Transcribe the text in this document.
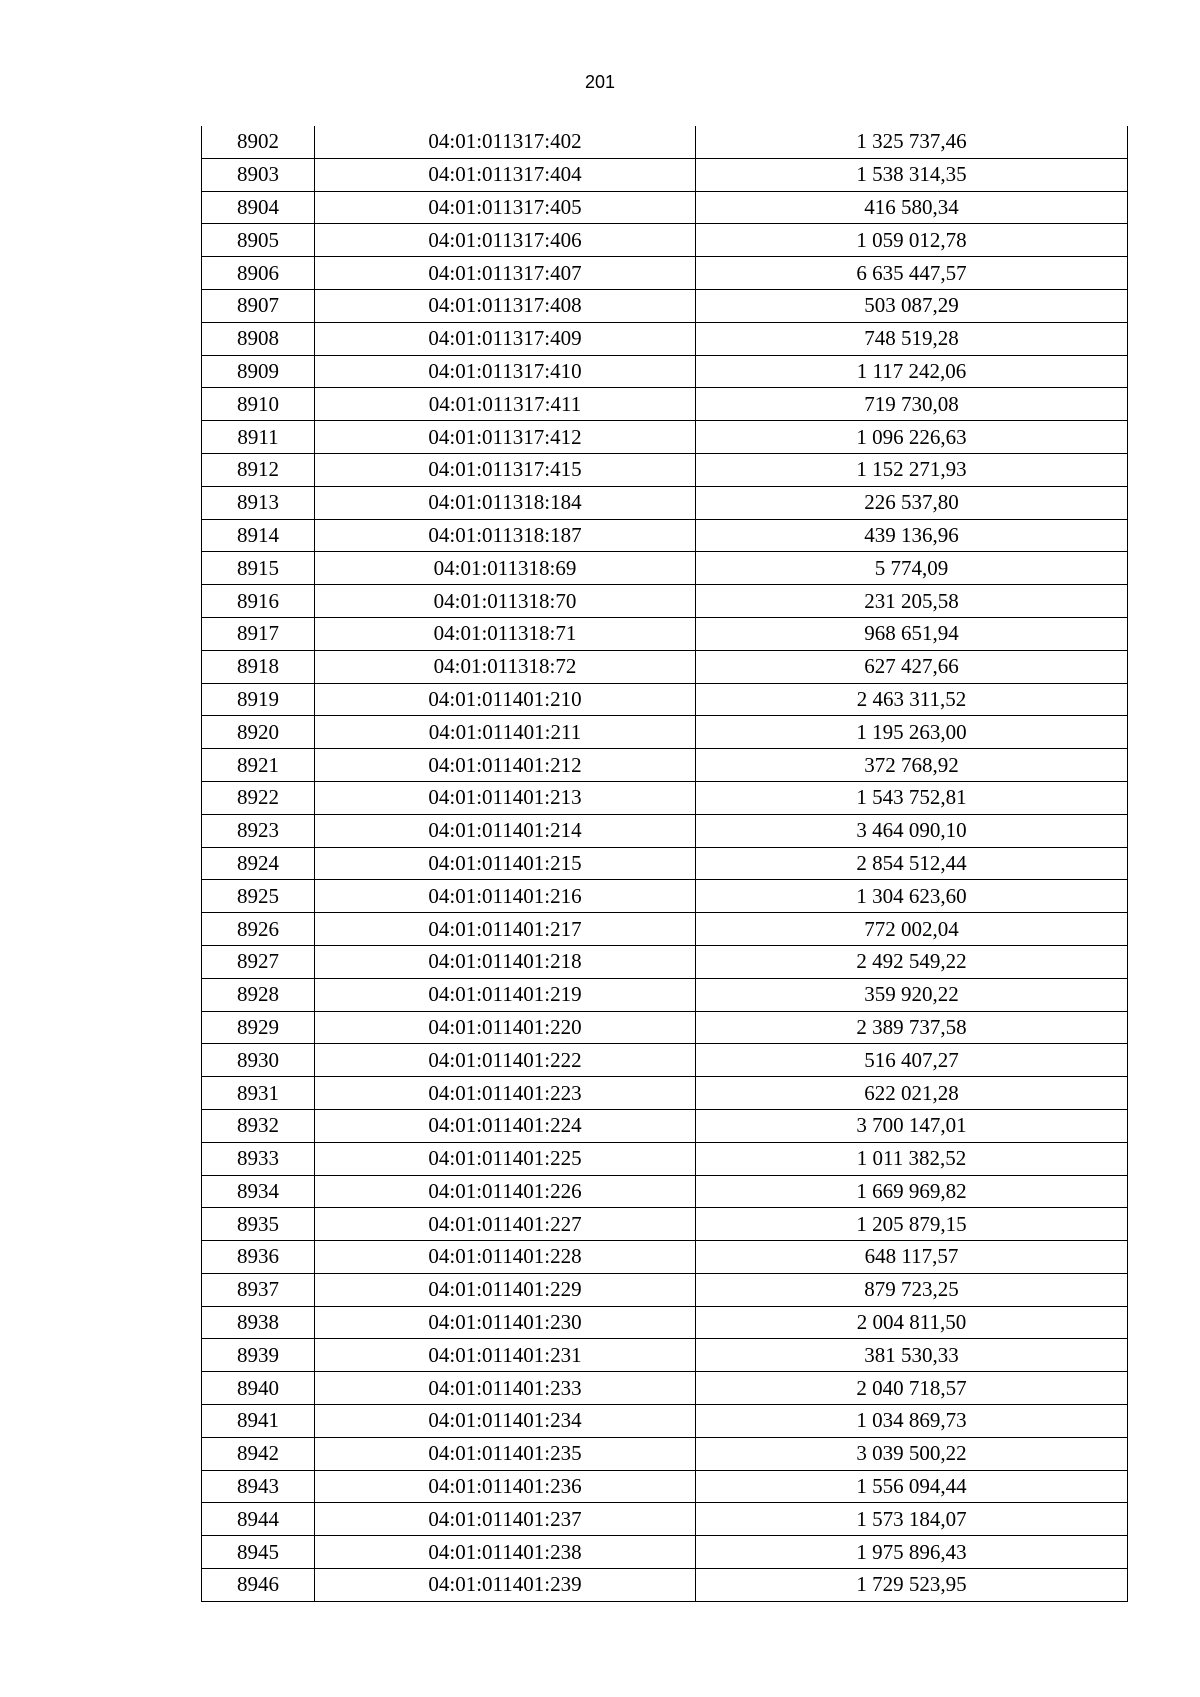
201
8902	04:01:011317:402	1 325 737,46
8903	04:01:011317:404	1 538 314,35
8904	04:01:011317:405	416 580,34
8905	04:01:011317:406	1 059 012,78
8906	04:01:011317:407	6 635 447,57
8907	04:01:011317:408	503 087,29
8908	04:01:011317:409	748 519,28
8909	04:01:011317:410	1 117 242,06
8910	04:01:011317:411	719 730,08
8911	04:01:011317:412	1 096 226,63
8912	04:01:011317:415	1 152 271,93
8913	04:01:011318:184	226 537,80
8914	04:01:011318:187	439 136,96
8915	04:01:011318:69	5 774,09
8916	04:01:011318:70	231 205,58
8917	04:01:011318:71	968 651,94
8918	04:01:011318:72	627 427,66
8919	04:01:011401:210	2 463 311,52
8920	04:01:011401:211	1 195 263,00
8921	04:01:011401:212	372 768,92
8922	04:01:011401:213	1 543 752,81
8923	04:01:011401:214	3 464 090,10
8924	04:01:011401:215	2 854 512,44
8925	04:01:011401:216	1 304 623,60
8926	04:01:011401:217	772 002,04
8927	04:01:011401:218	2 492 549,22
8928	04:01:011401:219	359 920,22
8929	04:01:011401:220	2 389 737,58
8930	04:01:011401:222	516 407,27
8931	04:01:011401:223	622 021,28
8932	04:01:011401:224	3 700 147,01
8933	04:01:011401:225	1 011 382,52
8934	04:01:011401:226	1 669 969,82
8935	04:01:011401:227	1 205 879,15
8936	04:01:011401:228	648 117,57
8937	04:01:011401:229	879 723,25
8938	04:01:011401:230	2 004 811,50
8939	04:01:011401:231	381 530,33
8940	04:01:011401:233	2 040 718,57
8941	04:01:011401:234	1 034 869,73
8942	04:01:011401:235	3 039 500,22
8943	04:01:011401:236	1 556 094,44
8944	04:01:011401:237	1 573 184,07
8945	04:01:011401:238	1 975 896,43
8946	04:01:011401:239	1 729 523,95
